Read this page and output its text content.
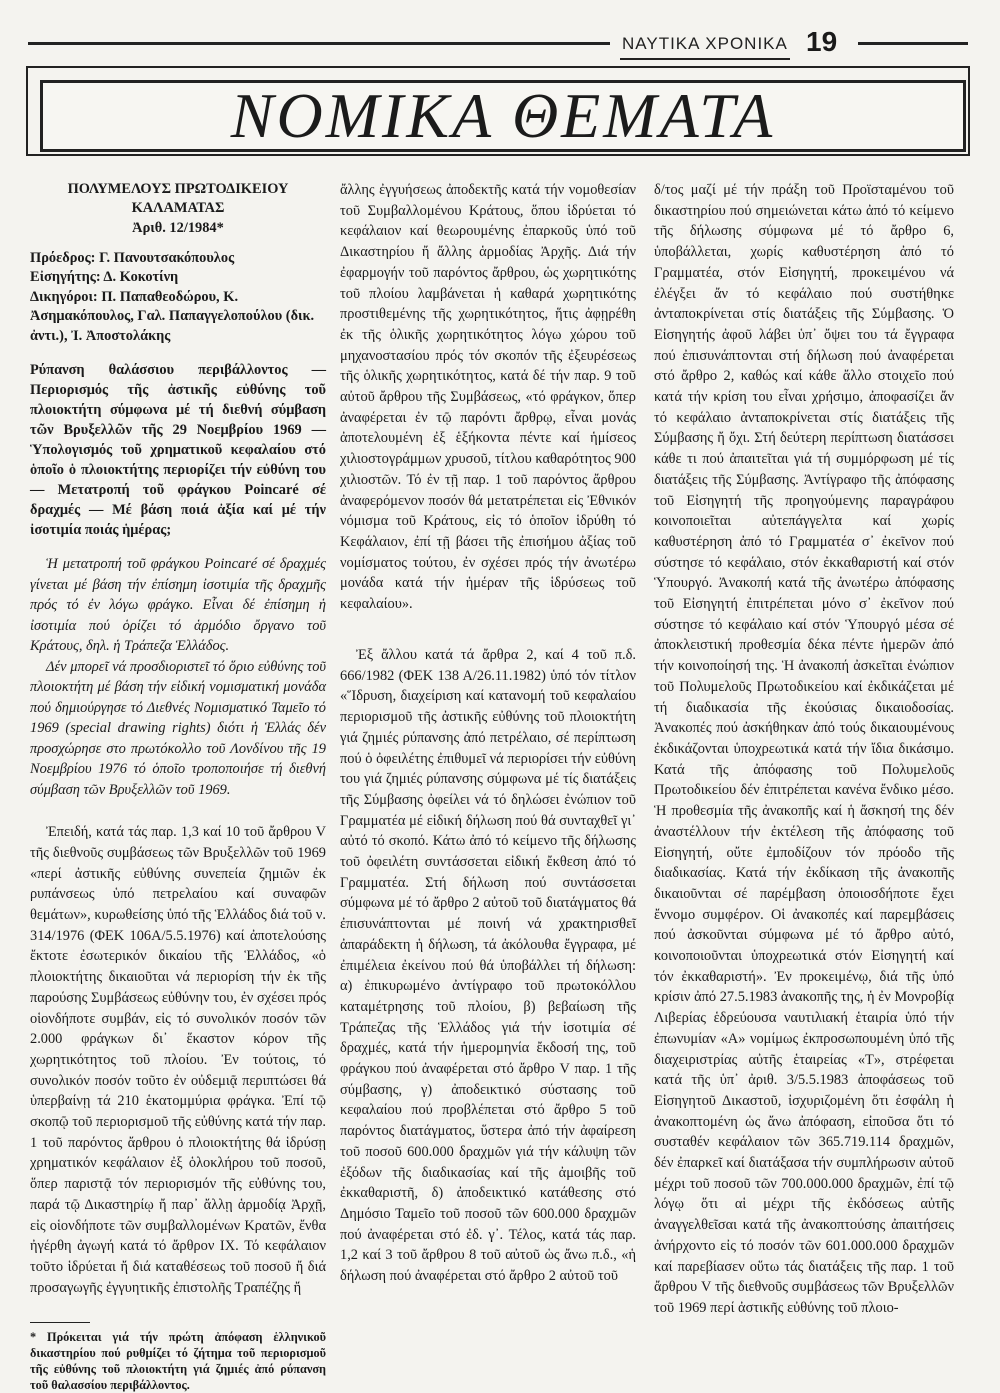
ΝΑΥΤΙΚΑ ΧΡΟΝΙΚΑ 19
ΝΟΜΙΚΑ ΘΕΜΑΤΑ

ΠΟΛΥΜΕΛΟΥΣ ΠΡΩΤΟΔΙΚΕΙΟΥ ΚΑΛΑΜΑΤΑΣ

Ἀριθ. 12/1984*

Πρόεδρος: Γ. Πανουτσακόπουλος

Εἰσηγήτης: Δ. Κοκοτίνη

Δικηγόροι: Π. Παπαθεοδώρου, Κ. Ἀσημακόπουλος, Γαλ. Παπαγγελοπούλου (δικ. ἀντι.), Ἰ. Ἀποστολάκης

Ρύπανση θαλάσσιου περιβάλλοντος — Περιορισμός τῆς ἀστικῆς εὐθύνης τοῦ πλοιοκτήτη σύμφωνα μέ τή διεθνή σύμβαση τῶν Βρυξελλῶν τῆς 29 Νοεμβρίου 1969 — Ὑπολογισμός τοῦ χρηματικοῦ κεφαλαίου στό ὁποῖο ὁ πλοιοκτήτης περιορίζει τήν εὐθύνη του — Μετατροπή τοῦ φράγκου Poincaré σέ δραχμές — Μέ βάση ποιά ἀξία καί μέ τήν ἰσοτιμία ποιάς ἡμέρας;

Ἡ μετατροπή τοῦ φράγκου Poincaré σέ δραχμές γίνεται μέ βάση τήν ἐπίσημη ἰσοτιμία τῆς δραχμῆς πρός τό ἐν λόγω φράγκο. Εἶναι δέ ἐπίσημη ἡ ἰσοτιμία πού ὁρίζει τό ἁρμόδιο ὄργανο τοῦ Κράτους, δηλ. ἡ Τράπεζα Ἑλλάδος.

Δέν μπορεῖ νά προσδιοριστεῖ τό ὅριο εὐθύνης τοῦ πλοιοκτήτη μέ βάση τήν εἰδική νομισματική μονάδα πού δημιούργησε τό Διεθνές Νομισματικό Ταμεῖο τό 1969 (special drawing rights) διότι ἡ Ἑλλάς δέν προσχώρησε στο πρωτόκολλο τοῦ Λονδίνου τῆς 19 Νοεμβρίου 1976 τό ὁποῖο τροποποιήσε τή διεθνή σύμβαση τῶν Βρυξελλῶν τοῦ 1969.

Ἐπειδή, κατά τάς παρ. 1,3 καί 10 τοῦ ἄρθρου V τῆς διεθνοῦς συμβάσεως τῶν Βρυξελλῶν τοῦ 1969 «περί ἀστικῆς εὐθύνης συνεπεία ζημιῶν ἐκ ρυπάνσεως ὑπό πετρελαίου καί συναφῶν θεμάτων», κυρωθείσης ὑπό τῆς Ἑλλάδος διά τοῦ ν. 314/1976 (ΦΕΚ 106Α/5.5.1976) καί ἀποτελούσης ἔκτοτε ἐσωτερικόν δικαίου τῆς Ἑλλάδος, «ὁ πλοιοκτήτης δικαιοῦται νά περιορίση τήν ἐκ τῆς παρούσης Συμβάσεως εὐθύνην του, ἐν σχέσει πρός οἱονδήποτε συμβάν, εἰς τό συνολικόν ποσόν τῶν 2.000 φράγκων δι᾽ ἕκαστον κόρον τῆς χωρητικότητος τοῦ πλοίου. Ἐν τούτοις, τό συνολικόν ποσόν τοῦτο ἐν οὐδεμιᾷ περιπτώσει θά ὑπερβαίνῃ τά 210 ἑκατομμύρια φράγκα. Ἐπί τῷ σκοπῷ τοῦ περιορισμοῦ τῆς εὐθύνης κατά τήν παρ. 1 τοῦ παρόντος ἄρθρου ὁ πλοιοκτήτης θά ἱδρύσῃ χρηματικόν κεφάλαιον ἐξ ὁλοκλήρου τοῦ ποσοῦ, ὅπερ παριστᾷ τόν περιορισμόν τῆς εὐθύνης του, παρά τῷ Δικαστηρίῳ ἤ παρ᾽ ἄλλῃ ἁρμοδίᾳ Ἀρχῇ, εἰς οἱονδήποτε τῶν συμβαλλομένων Κρατῶν, ἔνθα ἠγέρθη ἀγωγή κατά τό ἄρθρον IX. Τό κεφάλαιον τοῦτο ἱδρύεται ἤ διά καταθέσεως τοῦ ποσοῦ ἤ διά προσαγωγῆς ἐγγυητικῆς ἐπιστολῆς Τραπέζης ἤ

* Πρόκειται γιά τήν πρώτη ἀπόφαση ἑλληνικοῦ δικαστηρίου πού ρυθμίζει τό ζήτημα τοῦ περιορισμοῦ τῆς εὐθύνης τοῦ πλοιοκτήτη γιά ζημιές ἀπό ρύπανση τοῦ θαλασσίου περιβάλλοντος.

ἄλλης ἐγγυήσεως ἀποδεκτῆς κατά τήν νομοθεσίαν τοῦ Συμβαλλομένου Κράτους, ὅπου ἱδρύεται τό κεφάλαιον καί θεωρουμένης ἐπαρκοῦς ὑπό τοῦ Δικαστηρίου ἤ ἄλλης ἁρμοδίας Ἀρχῆς. Διά τήν ἐφαρμογήν τοῦ παρόντος ἄρθρου, ὡς χωρητικότης τοῦ πλοίου λαμβάνεται ἡ καθαρά χωρητικότης προστιθεμένης τῆς χωρητικότητος, ἥτις ἀφῃρέθη ἐκ τῆς ὁλικῆς χωρητικότητος λόγω χώρου τοῦ μηχανοστασίου πρός τόν σκοπόν τῆς ἐξευρέσεως τῆς ὁλικῆς χωρητικότητος, κατά δέ τήν παρ. 9 τοῦ αὐτοῦ ἄρθρου τῆς Συμβάσεως, «τό φράγκον, ὅπερ ἀναφέρεται ἐν τῷ παρόντι ἄρθρῳ, εἶναι μονάς ἀποτελουμένη ἐξ ἑξήκοντα πέντε καί ἡμίσεος χιλιοστογράμμων χρυσοῦ, τίτλου καθαρότητος 900 χιλιοστῶν. Τό ἐν τῇ παρ. 1 τοῦ παρόντος ἄρθρου ἀναφερόμενον ποσόν θά μετατρέπεται εἰς Ἐθνικόν νόμισμα τοῦ Κράτους, εἰς τό ὁποῖον ἱδρύθη τό Κεφάλαιον, ἐπί τῇ βάσει τῆς ἐπισήμου ἀξίας τοῦ νομίσματος τούτου, ἐν σχέσει πρός τήν ἀνωτέρω μονάδα κατά τήν ἡμέραν τῆς ἱδρύσεως τοῦ κεφαλαίου».

Ἐξ ἄλλου κατά τά ἄρθρα 2, καί 4 τοῦ π.δ. 666/1982 (ΦΕΚ 138 Α/26.11.1982) ὑπό τόν τίτλον «Ἵδρυση, διαχείριση καί κατανομή τοῦ κεφαλαίου περιορισμοῦ τῆς ἀστικῆς εὐθύνης τοῦ πλοιοκτήτη γιά ζημιές ρύπανσης ἀπό πετρέλαιο, σέ περίπτωση πού ὁ ὀφειλέτης ἐπιθυμεῖ νά περιορίσει τήν εὐθύνη του γιά ζημιές ρύπανσης σύμφωνα μέ τίς διατάξεις τῆς Σύμβασης ὀφείλει νά τό δηλώσει ἐνώπιον τοῦ Γραμματέα μέ εἰδική δήλωση πού θά συνταχθεῖ γι᾽ αὐτό τό σκοπό. Κάτω ἀπό τό κείμενο τῆς δήλωσης τοῦ ὀφειλέτη συντάσσεται εἰδική ἔκθεση ἀπό τό Γραμματέα. Στή δήλωση πού συντάσσεται σύμφωνα μέ τό ἄρθρο 2 αὐτοῦ τοῦ διατάγματος θά ἐπισυνάπτονται μέ ποινή νά χρακτηρισθεῖ ἀπαράδεκτη ἡ δήλωση, τά ἀκόλουθα ἔγγραφα, μέ ἐπιμέλεια ἐκείνου πού θά ὑποβάλλει τή δήλωση: α) ἐπικυρωμένο ἀντίγραφο τοῦ πρωτοκόλλου καταμέτρησης τοῦ πλοίου, β) βεβαίωση τῆς Τράπεζας τῆς Ἑλλάδος γιά τήν ἰσοτιμία σέ δραχμές, κατά τήν ἡμερομηνία ἔκδοσή της, τοῦ φράγκου πού ἀναφέρεται στό ἄρθρο V παρ. 1 τῆς σύμβασης, γ) ἀποδεικτικό σύστασης τοῦ κεφαλαίου πού προβλέπεται στό ἄρθρο 5 τοῦ παρόντος διατάγματος, ὕστερα ἀπό τήν ἀφαίρεση τοῦ ποσοῦ 600.000 δραχμῶν γιά τήν κάλυψη τῶν ἐξόδων τῆς διαδικασίας καί τῆς ἀμοιβῆς τοῦ ἐκκαθαριστῆ, δ) ἀποδεικτικό κατάθεσης στό Δημόσιο Ταμεῖο τοῦ ποσοῦ τῶν 600.000 δραχμῶν πού ἀναφέρεται στό ἐδ. γ᾽. Τέλος, κατά τάς παρ. 1,2 καί 3 τοῦ ἄρθρου 8 τοῦ αὐτοῦ ὡς ἄνω π.δ., «ἡ δήλωση πού ἀναφέρεται στό ἄρθρο 2 αὐτοῦ τοῦ

δ/τος μαζί μέ τήν πράξη τοῦ Προϊσταμένου τοῦ δικαστηρίου πού σημειώνεται κάτω ἀπό τό κείμενο τῆς δήλωσης σύμφωνα μέ τό ἄρθρο 6, ὑποβάλλεται, χωρίς καθυστέρηση ἀπό τό Γραμματέα, στόν Εἰσηγητή, προκειμένου νά ἐλέγξει ἄν τό κεφάλαιο πού συστήθηκε ἀνταποκρίνεται στίς διατάξεις τῆς Σύμβασης. Ὁ Εἰσηγητής ἀφοῦ λάβει ὑπ᾽ ὄψει του τά ἔγγραφα πού ἐπισυνάπτονται στή δήλωση πού ἀναφέρεται στό ἄρθρο 2, καθώς καί κάθε ἄλλο στοιχεῖο πού κατά τήν κρίση του εἶναι χρήσιμο, ἀποφασίζει ἄν τό κεφάλαιο ἀνταποκρίνεται στίς διατάξεις τῆς Σύμβασης ἤ ὄχι. Στή δεύτερη περίπτωση διατάσσει κάθε τι πού ἀπαιτεῖται γιά τή συμμόρφωση μέ τίς διατάξεις τῆς Σύμβασης. Ἀντίγραφο τῆς ἀπόφασης τοῦ Εἰσηγητή τῆς προηγούμενης παραγράφου κοινοποιεῖται αὐτεπάγγελτα καί χωρίς καθυστέρηση ἀπό τό Γραμματέα σ᾽ ἐκεῖνον πού σύστησε τό κεφάλαιο, στόν ἐκκαθαριστή καί στόν Ὑπουργό. Ἀνακοπή κατά τῆς ἀνωτέρω ἀπόφασης τοῦ Εἰσηγητή ἐπιτρέπεται μόνο σ᾽ ἐκεῖνον πού σύστησε τό κεφάλαιο καί στόν Ὑπουργό μέσα σέ ἀποκλειστική προθεσμία δέκα πέντε ἡμερῶν ἀπό τήν κοινοποίησή της. Ἡ ἀνακοπή ἀσκεῖται ἐνώπιον τοῦ Πολυμελοῦς Πρωτοδικείου καί ἐκδικάζεται μέ τή διαδικασία τῆς ἑκούσιας δικαιοδοσίας. Ἀνακοπές πού ἀσκήθηκαν ἀπό τούς δικαιουμένους ἐκδικάζονται ὑποχρεωτικά κατά τήν ἴδια δικάσιμο. Κατά τῆς ἀπόφασης τοῦ Πολυμελοῦς Πρωτοδικείου δέν ἐπιτρέπεται κανένα ἔνδικο μέσο. Ἡ προθεσμία τῆς ἀνακοπῆς καί ἡ ἄσκησή της δέν ἀναστέλλουν τήν ἐκτέλεση τῆς ἀπόφασης τοῦ Εἰσηγητή, οὔτε ἐμποδίζουν τόν πρόοδο τῆς διαδικασίας. Κατά τήν ἐκδίκαση τῆς ἀνακοπῆς δικαιοῦνται σέ παρέμβαση ὁποιοσδήποτε ἔχει ἔννομο συμφέρον. Οἱ ἀνακοπές καί παρεμβάσεις πού ἀσκοῦνται σύμφωνα μέ τό ἄρθρο αὐτό, κοινοποιοῦνται ὑποχρεωτικά στόν Εἰσηγητή καί τόν ἐκκαθαριστή». Ἐν προκειμένῳ, διά τῆς ὑπό κρίσιν ἀπό 27.5.1983 ἀνακοπῆς της, ἡ ἐν Μονροβίᾳ Λιβερίας ἑδρεύουσα ναυτιλιακή ἑταιρία ὑπό τήν ἐπωνυμίαν «Α» νομίμως ἐκπροσωπουμένη ὑπό τῆς διαχειριστρίας αὐτῆς ἑταιρείας «Τ», στρέφεται κατά τῆς ὑπ᾽ ἀριθ. 3/5.5.1983 ἀποφάσεως τοῦ Εἰσηγητοῦ Δικαστοῦ, ἰσχυριζομένη ὅτι ἐσφάλη ἡ ἀνακοπτομένη ὡς ἄνω ἀπόφαση, εἰποῦσα ὅτι τό συσταθέν κεφάλαιον τῶν 365.719.114 δραχμῶν, δέν ἐπαρκεῖ καί διατάξασα τήν συμπλήρωσιν αὐτοῦ μέχρι τοῦ ποσοῦ τῶν 700.000.000 δραχμῶν, ἐπί τῷ λόγῳ ὅτι αἱ μέχρι τῆς ἐκδόσεως αὐτῆς ἀναγγελθεῖσαι κατά τῆς ἀνακοπτούσης ἀπαιτήσεις ἀνήρχοντο εἰς τό ποσόν τῶν 601.000.000 δραχμῶν καί παρεβίασεν οὕτω τάς διατάξεις τῆς παρ. 1 τοῦ ἄρθρου V τῆς διεθνοῦς συμβάσεως τῶν Βρυξελλῶν τοῦ 1969 περί ἀστικῆς εὐθύνης τοῦ πλοιο-
